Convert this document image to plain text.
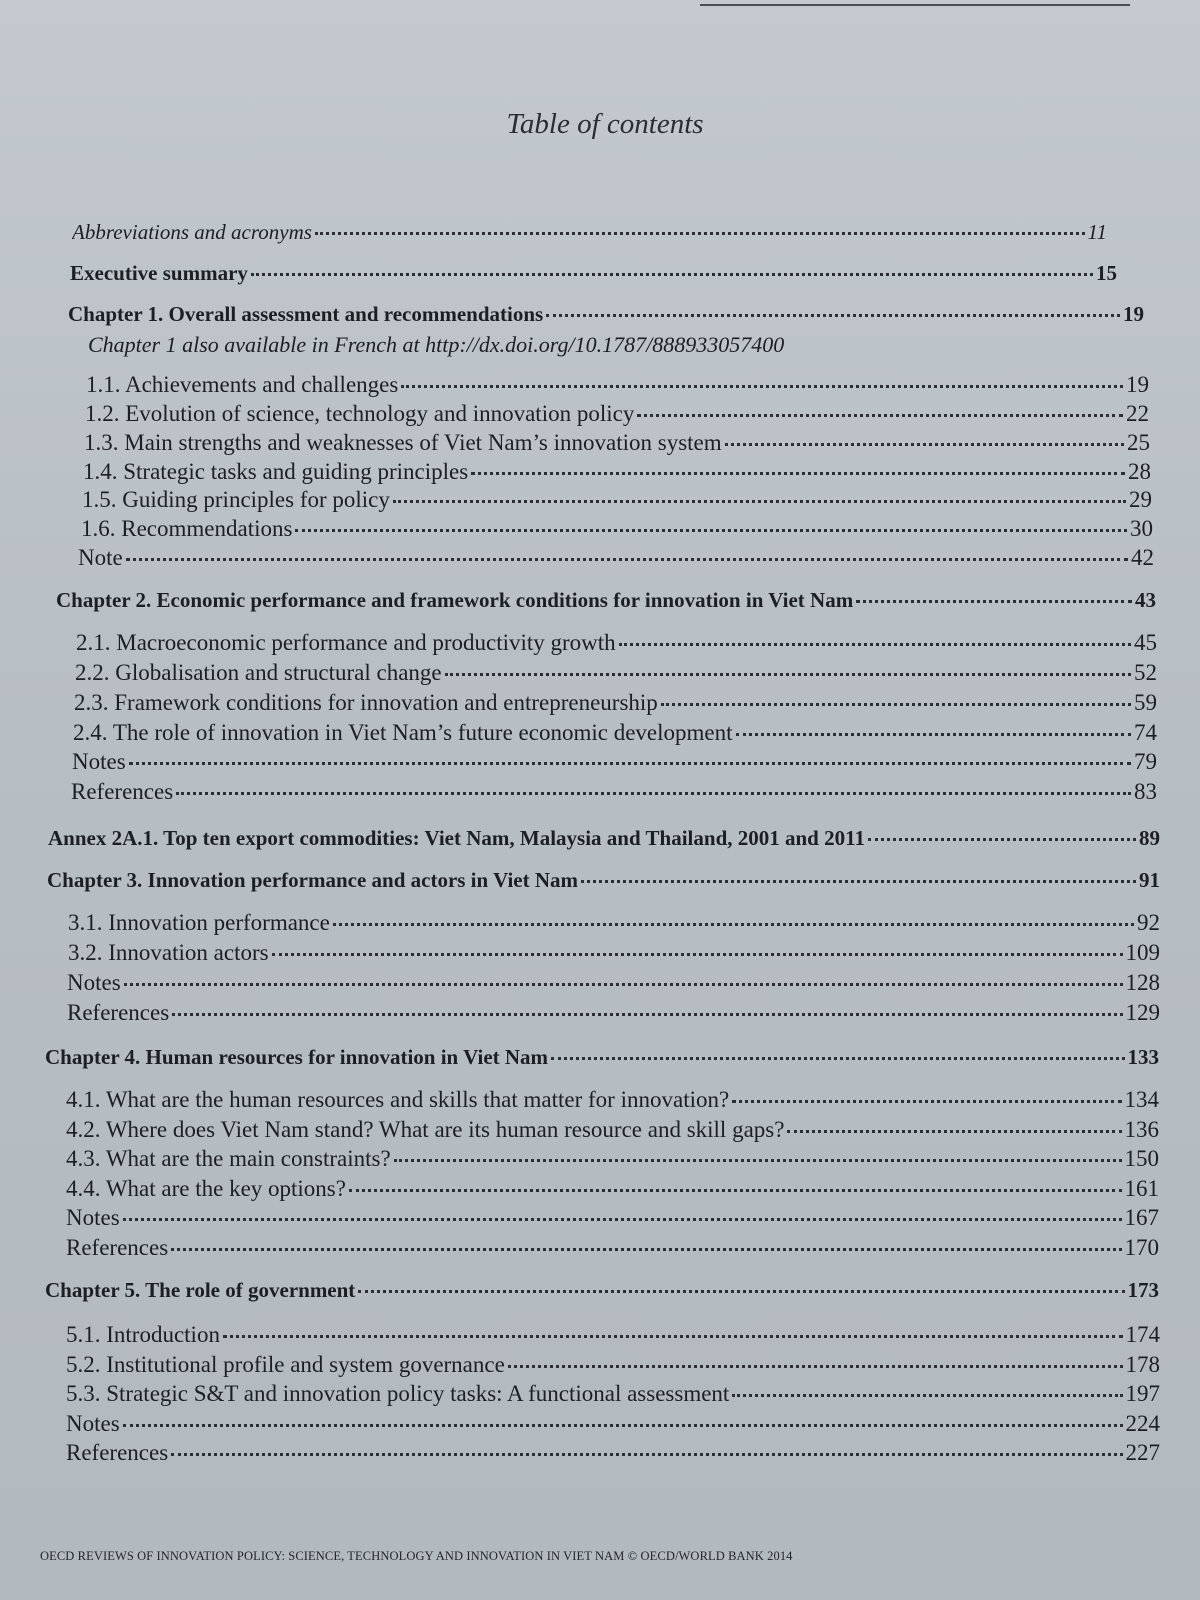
Table of contents
Abbreviations and acronyms	11
Executive summary	15
Chapter 1. Overall assessment and recommendations	19
Chapter 1 also available in French at http://dx.doi.org/10.1787/888933057400
1.1. Achievements and challenges	19
1.2. Evolution of science, technology and innovation policy	22
1.3. Main strengths and weaknesses of Viet Nam’s innovation system	25
1.4. Strategic tasks and guiding principles	28
1.5. Guiding principles for policy	29
1.6. Recommendations	30
Note	42
Chapter 2. Economic performance and framework conditions for innovation in Viet Nam	43
2.1. Macroeconomic performance and productivity growth	45
2.2. Globalisation and structural change	52
2.3. Framework conditions for innovation and entrepreneurship	59
2.4. The role of innovation in Viet Nam’s future economic development	74
Notes	79
References	83
Annex 2A.1. Top ten export commodities: Viet Nam, Malaysia and Thailand, 2001 and 2011	89
Chapter 3. Innovation performance and actors in Viet Nam	91
3.1. Innovation performance	92
3.2. Innovation actors	109
Notes	128
References	129
Chapter 4. Human resources for innovation in Viet Nam	133
4.1. What are the human resources and skills that matter for innovation?	134
4.2. Where does Viet Nam stand? What are its human resource and skill gaps?	136
4.3. What are the main constraints?	150
4.4. What are the key options?	161
Notes	167
References	170
Chapter 5. The role of government	173
5.1. Introduction	174
5.2. Institutional profile and system governance	178
5.3. Strategic S&T and innovation policy tasks: A functional assessment	197
Notes	224
References	227
OECD REVIEWS OF INNOVATION POLICY: SCIENCE, TECHNOLOGY AND INNOVATION IN VIET NAM © OECD/WORLD BANK 2014
